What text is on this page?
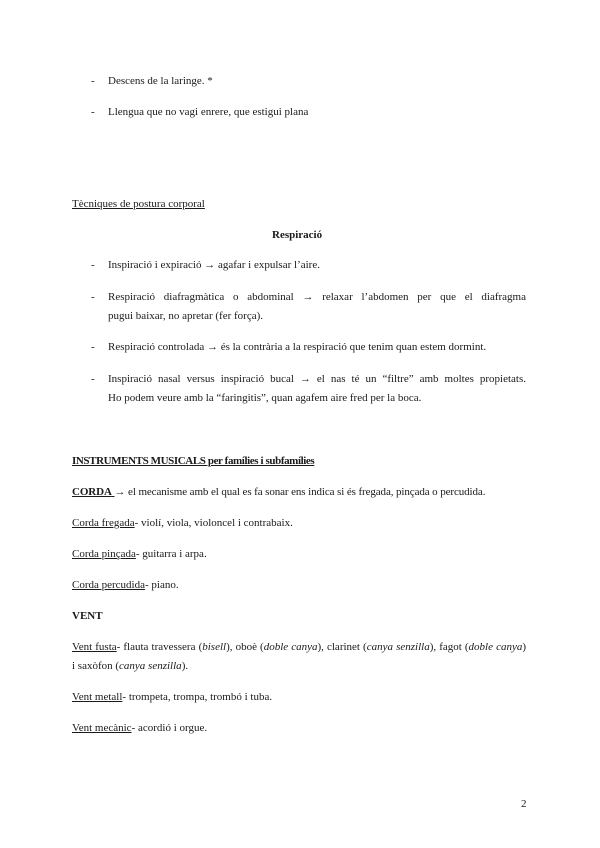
- Descens de la laringe. *
- Llengua que no vagi enrere, que estigui plana
Tècniques de postura corporal
Respiració
- Inspiració i expiració → agafar i expulsar l’aire.
- Respiració diafragmàtica o abdominal → relaxar l’abdomen per que el diafragma
pugui baixar, no apretar (fer força).
- Respiració controlada → és la contrària a la respiració que tenim quan estem dormint.
- Inspiració nasal versus inspiració bucal → el nas té un “filtre” amb moltes propietats.
Ho podem veure amb la “faringitis”, quan agafem aire fred per la boca.
INSTRUMENTS MUSICALS per famílies i subfamílies
CORDA → el mecanisme amb el qual es fa sonar ens indica si és fregada, pinçada o percudida.
Corda fregada- violí, viola, violoncel i contrabaix.
Corda pinçada- guitarra i arpa.
Corda percudida- piano.
VENT
Vent fusta- flauta travessera (bisell), oboè (doble canya), clarinet (canya senzilla), fagot (doble canya)
i saxòfon (canya senzilla).
Vent metall- trompeta, trompa, trombó i tuba.
Vent mecànic- acordió i orgue.
2
